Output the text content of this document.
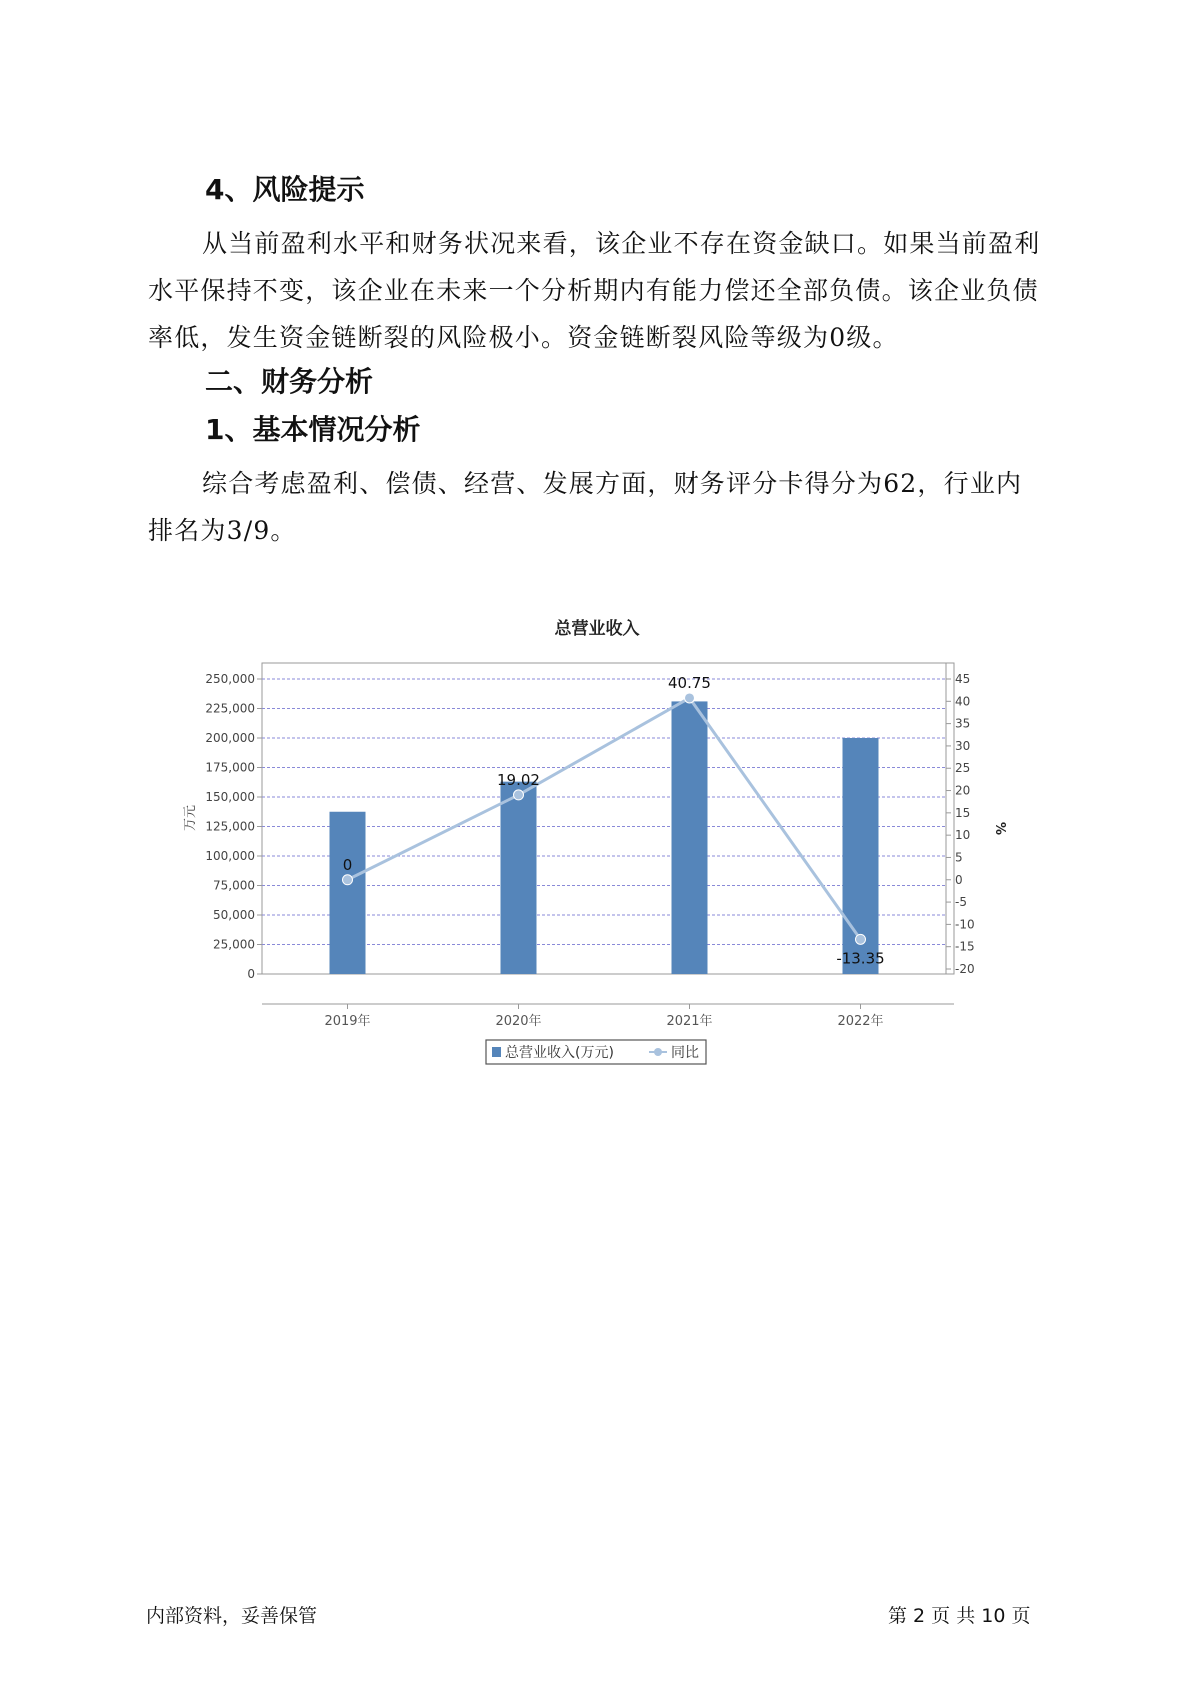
4、风险提示

从当前盈利水平和财务状况来看，该企业不存在资金缺口。如果当前盈利水平保持不变，该企业在未来一个分析期内有能力偿还全部负债。该企业负债率低，发生资金链断裂的风险极小。资金链断裂风险等级为0级。

二、财务分析
1、基本情况分析

综合考虑盈利、偿债、经营、发展方面，财务评分卡得分为62，行业内排名为3/9。

总营业收入
0
19.02
40.75
-13.35
250,000
225,000
200,000
175,000
150,000
125,000
100,000
75,000
50,000
25,000
0
45
40
35
30
25
20
15
10
5
0
-5
-10
-15
-20
2019年	2020年	2021年	2022年
万元	%
总营业收入(万元)	同比
内部资料，妥善保管	第 2 页 共 10 页
